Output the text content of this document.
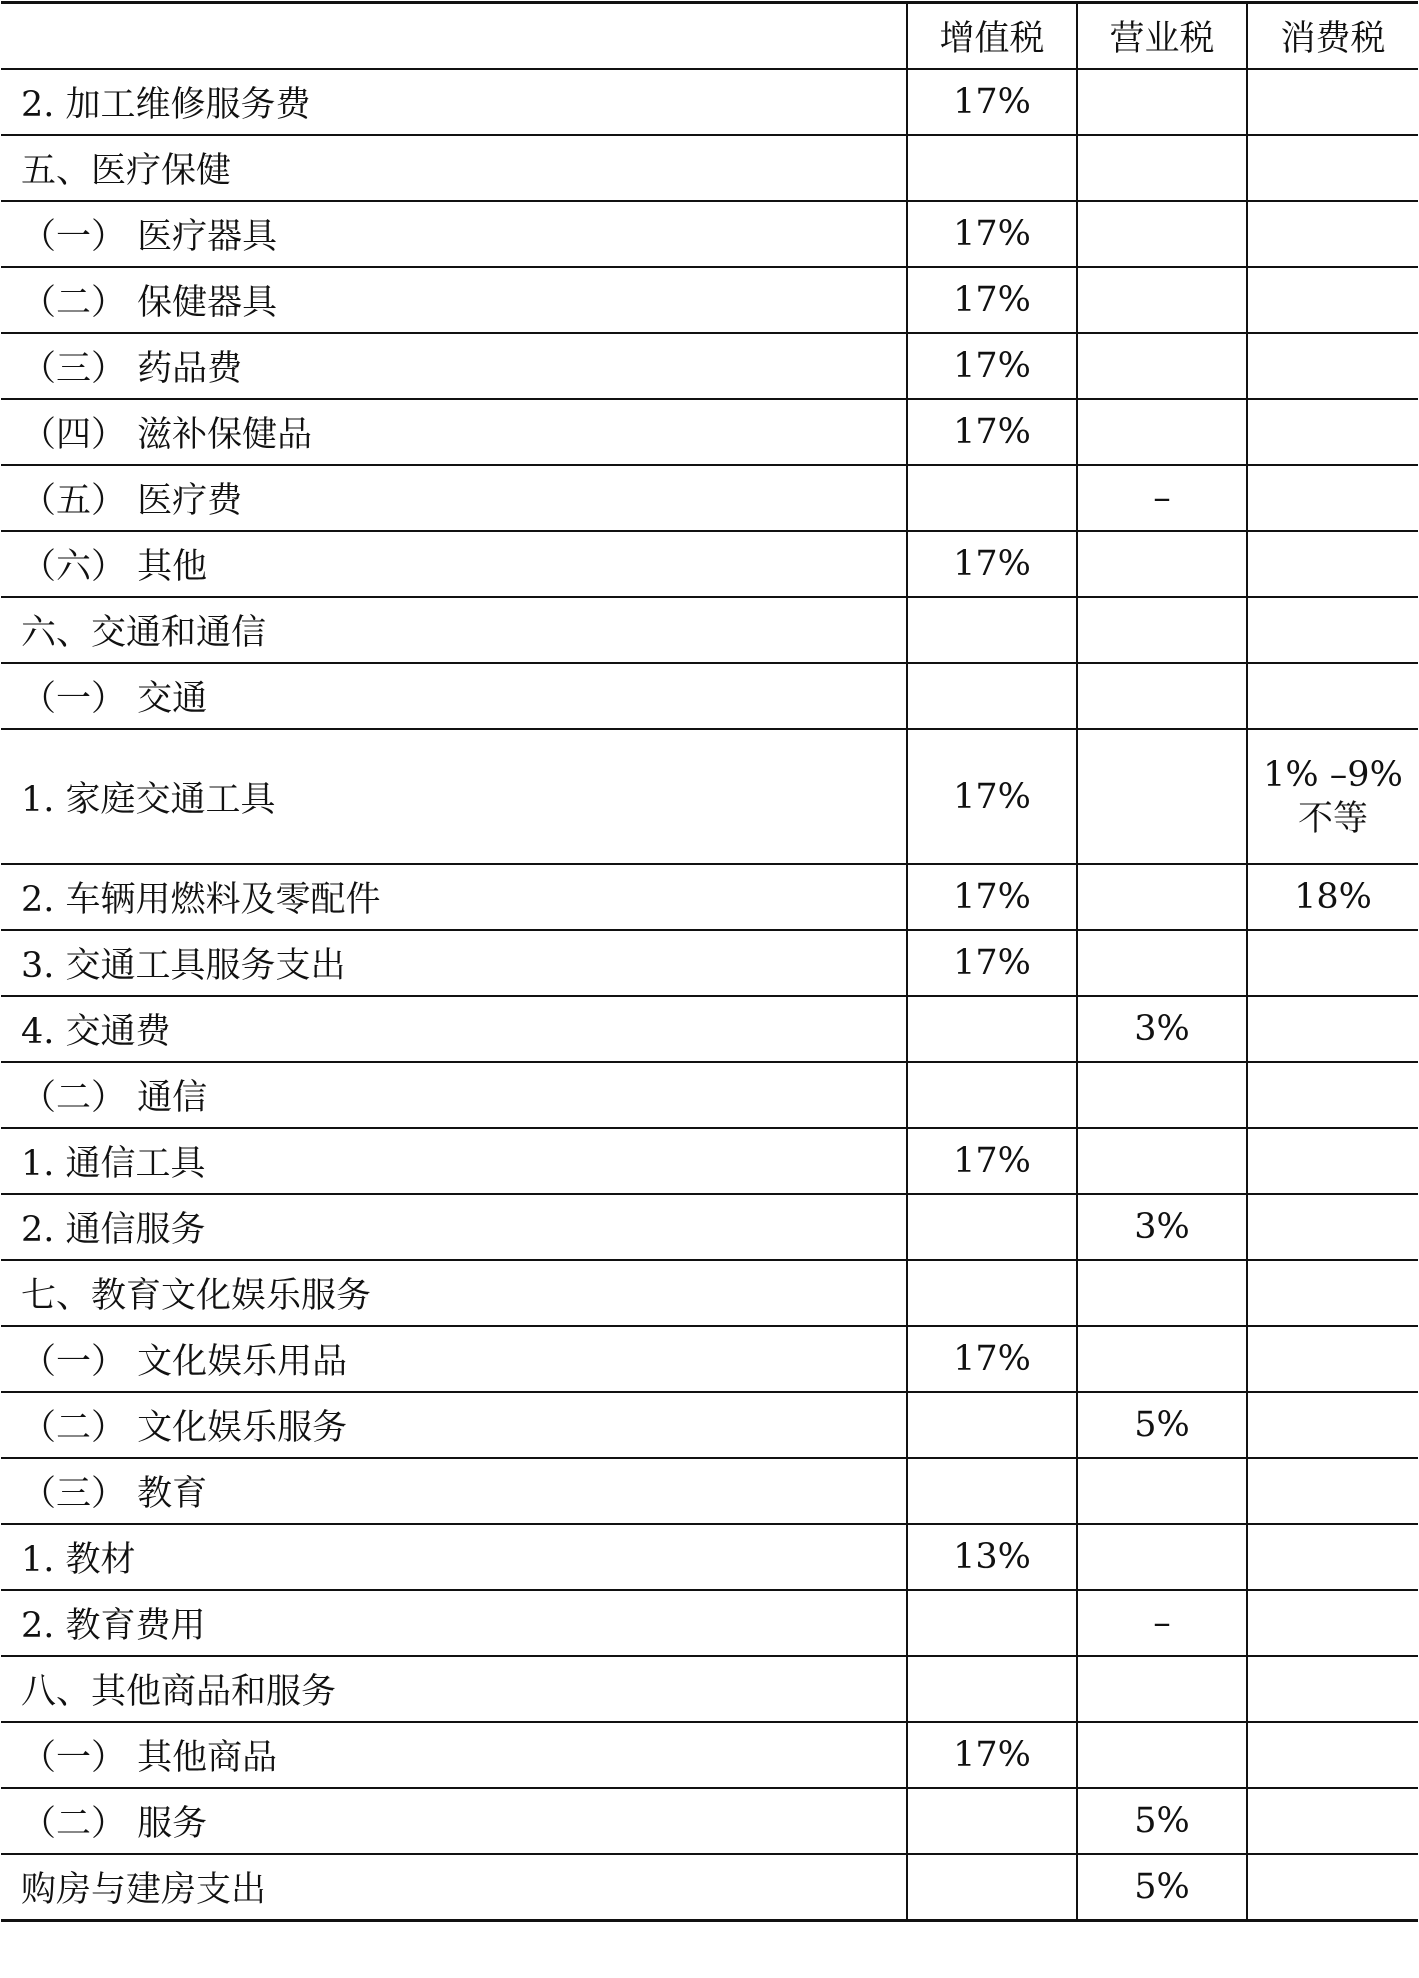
	增值税	营业税	消费税
2. 加工维修服务费	17%		
五、医疗保健			
（一） 医疗器具	17%		
（二） 保健器具	17%		
（三） 药品费	17%		
（四） 滋补保健品	17%		
（五） 医疗费		–	
（六） 其他	17%		
六、交通和通信			
（一） 交通			
1. 家庭交通工具	17%		1% –9% 不等
2. 车辆用燃料及零配件	17%		18%
3. 交通工具服务支出	17%		
4. 交通费		3%	
（二） 通信			
1. 通信工具	17%		
2. 通信服务		3%	
七、教育文化娱乐服务			
（一） 文化娱乐用品	17%		
（二） 文化娱乐服务		5%	
（三） 教育			
1. 教材	13%		
2. 教育费用		–	
八、其他商品和服务			
（一） 其他商品	17%		
（二） 服务		5%	
购房与建房支出		5%	
